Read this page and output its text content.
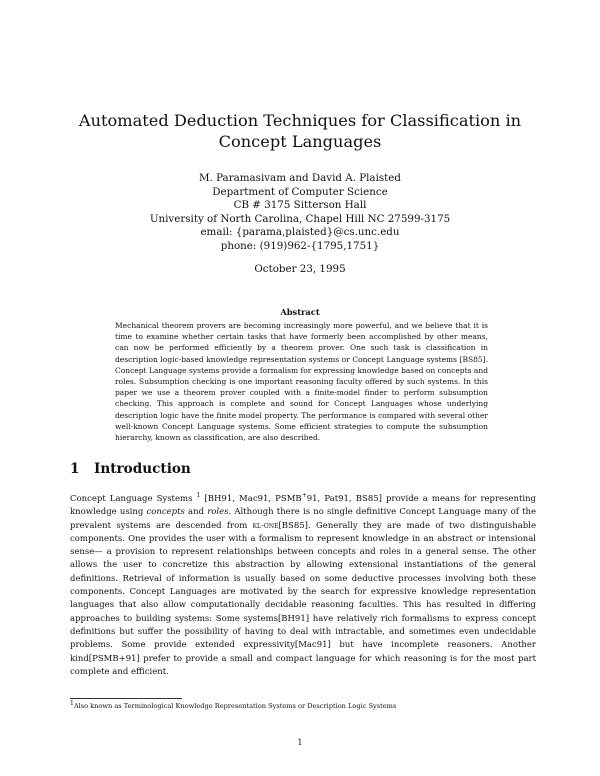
Automated Deduction Techniques for Classification in Concept Languages
M. Paramasivam and David A. Plaisted
Department of Computer Science
CB # 3175 Sitterson Hall
University of North Carolina, Chapel Hill NC 27599-3175
email: {parama,plaisted}@cs.unc.edu
phone: (919)962-{1795,1751}
October 23, 1995
Abstract

Mechanical theorem provers are becoming increasingly more powerful, and we believe that it is time to examine whether certain tasks that have formerly been accomplished by other means, can now be performed efficiently by a theorem prover. One such task is classification in description logic-based knowledge representation systems or Concept Language systems [BS85]. Concept Language systems provide a formalism for expressing knowledge based on concepts and roles. Subsumption checking is one important reasoning faculty offered by such systems. In this paper we use a theorem prover coupled with a finite-model finder to perform subsumption checking. This approach is complete and sound for Concept Languages whose underlying description logic have the finite model property. The performance is compared with several other well-known Concept Language systems. Some efficient strategies to compute the subsumption hierarchy, known as classification, are also described.

1 Introduction

Concept Language Systems $^1$ [BH91, Mac91, PSMB+91, Pat91, BS85] provide a means for representing knowledge using concepts and roles. Although there is no single definitive Concept Language many of the prevalent systems are descended from kl-one[BS85]. Generally they are made of two distinguishable components. One provides the user with a formalism to represent knowledge in an abstract or intensional sense— a provision to represent relationships between concepts and roles in a general sense. The other allows the user to concretize this abstraction by allowing extensional instantiations of the general definitions. Retrieval of information is usually based on some deductive processes involving both these components. Concept Languages are motivated by the search for expressive knowledge representation languages that also allow computationally decidable reasoning faculties. This has resulted in differing approaches to building systems: Some systems[BH91] have relatively rich formalisms to express concept definitions but suffer the possibility of having to deal with intractable, and sometimes even undecidable problems. Some provide extended expressivity[Mac91] but have incomplete reasoners. Another kind[PSMB+91] prefer to provide a small and compact language for which reasoning is for the most part complete and efficient.

$^1$Also known as Terminological Knowledge Representation Systems or Description Logic Systems

1
